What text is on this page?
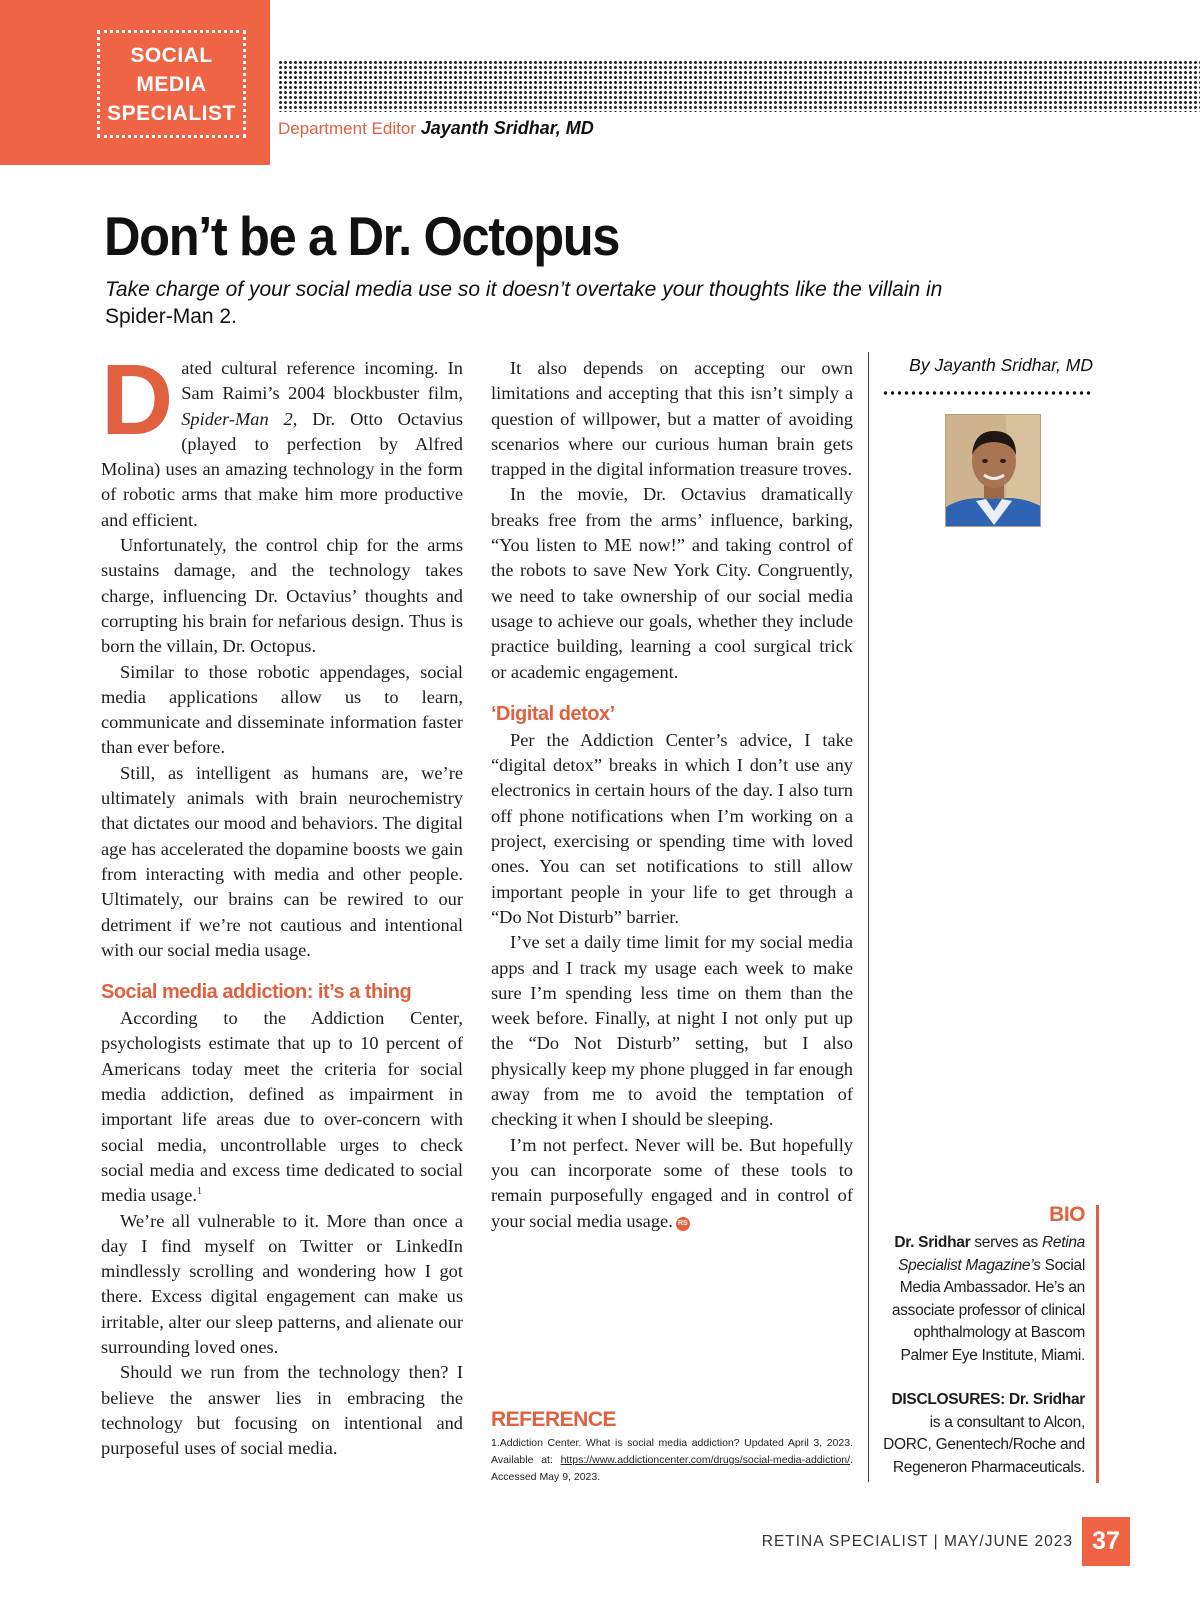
SOCIAL
MEDIA
SPECIALIST
Department Editor Jayanth Sridhar, MD
Don’t be a Dr. Octopus
Take charge of your social media use so it doesn’t overtake your thoughts like the villain in Spider-Man 2.

Dated cultural reference incoming. In Sam Raimi’s 2004 blockbuster film, Spider-Man 2, Dr. Otto Octavius (played to perfection by Alfred Molina) uses an amazing technology in the form of robotic arms that make him more productive and efficient.

Unfortunately, the control chip for the arms sustains damage, and the technology takes charge, influencing Dr. Octavius’ thoughts and corrupting his brain for nefarious design. Thus is born the villain, Dr. Octopus.

Similar to those robotic appendages, social media applications allow us to learn, communicate and disseminate information faster than ever before.

Still, as intelligent as humans are, we’re ultimately animals with brain neurochemistry that dictates our mood and behaviors. The digital age has accelerated the dopamine boosts we gain from interacting with media and other people. Ultimately, our brains can be rewired to our detriment if we’re not cautious and intentional with our social media usage.

Social media addiction: it’s a thing

According to the Addiction Center, psychologists estimate that up to 10 percent of Americans today meet the criteria for social media addiction, defined as impairment in important life areas due to over-concern with social media, uncontrollable urges to check social media and excess time dedicated to social media usage.$^1$

We’re all vulnerable to it. More than once a day I find myself on Twitter or LinkedIn mindlessly scrolling and wondering how I got there. Excess digital engagement can make us irritable, alter our sleep patterns, and alienate our surrounding loved ones.

Should we run from the technology then? I believe the answer lies in embracing the technology but focusing on intentional and purposeful uses of social media.

It also depends on accepting our own limitations and accepting that this isn’t simply a question of willpower, but a matter of avoiding scenarios where our curious human brain gets trapped in the digital information treasure troves.

In the movie, Dr. Octavius dramatically breaks free from the arms’ influence, barking, “You listen to ME now!” and taking control of the robots to save New York City. Congruently, we need to take ownership of our social media usage to achieve our goals, whether they include practice building, learning a cool surgical trick or academic engagement.

‘Digital detox’

Per the Addiction Center’s advice, I take “digital detox” breaks in which I don’t use any electronics in certain hours of the day. I also turn off phone notifications when I’m working on a project, exercising or spending time with loved ones. You can set notifications to still allow important people in your life to get through a “Do Not Disturb” barrier.

I’ve set a daily time limit for my social media apps and I track my usage each week to make sure I’m spending less time on them than the week before. Finally, at night I not only put up the “Do Not Disturb” setting, but I also physically keep my phone plugged in far enough away from me to avoid the temptation of checking it when I should be sleeping.

I’m not perfect. Never will be. But hopefully you can incorporate some of these tools to remain purposefully engaged and in control of your social media usage. RS

REFERENCE
1.Addiction Center. What is social media addiction? Updated April 3, 2023. Available at: https://www.addictioncenter.com/drugs/social-media-addiction/. Accessed May 9, 2023.
By Jayanth Sridhar, MD
BIO
Dr. Sridhar serves as Retina Specialist Magazine’s Social Media Ambassador. He’s an associate professor of clinical ophthalmology at Bascom Palmer Eye Institute, Miami.
DISCLOSURES: Dr. Sridhar is a consultant to Alcon, DORC, Genentech/Roche and Regeneron Pharmaceuticals.
RETINA SPECIALIST | MAY/JUNE 2023 37
